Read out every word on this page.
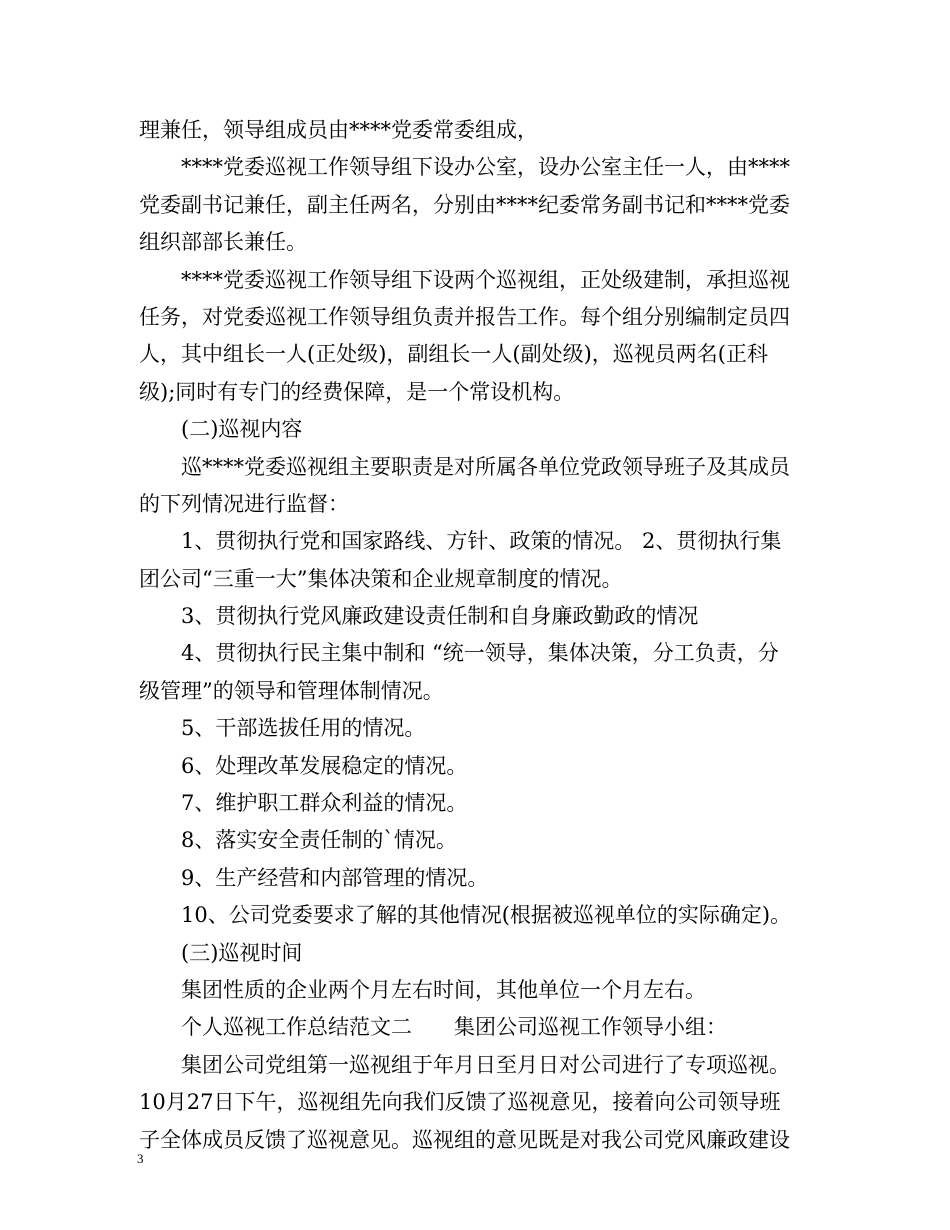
理兼任，领导组成员由****党委常委组成，
****党委巡视工作领导组下设办公室，设办公室主任一人，由****
党委副书记兼任，副主任两名，分别由****纪委常务副书记和****党委
组织部部长兼任。
****党委巡视工作领导组下设两个巡视组，正处级建制，承担巡视
任务，对党委巡视工作领导组负责并报告工作。每个组分别编制定员四
人，其中组长一人(正处级)，副组长一人(副处级)，巡视员两名(正科
级);同时有专门的经费保障，是一个常设机构。
(二)巡视内容
巡****党委巡视组主要职责是对所属各单位党政领导班子及其成员
的下列情况进行监督：
1、贯彻执行党和国家路线、方针、政策的情况。 2、贯彻执行集
团公司“三重一大”集体决策和企业规章制度的情况。
3、贯彻执行党风廉政建设责任制和自身廉政勤政的情况
4、贯彻执行民主集中制和 “统一领导，集体决策，分工负责，分
级管理”的领导和管理体制情况。
5、干部选拔任用的情况。
6、处理改革发展稳定的情况。
7、维护职工群众利益的情况。
8、落实安全责任制的`情况。
9、生产经营和内部管理的情况。
10、公司党委要求了解的其他情况(根据被巡视单位的实际确定)。
(三)巡视时间
集团性质的企业两个月左右时间，其他单位一个月左右。
个人巡视工作总结范文二　　集团公司巡视工作领导小组：
集团公司党组第一巡视组于年月日至月日对公司进行了专项巡视。
10月27日下午，巡视组先向我们反馈了巡视意见，接着向公司领导班
子全体成员反馈了巡视意见。巡视组的意见既是对我公司党风廉政建设
3
